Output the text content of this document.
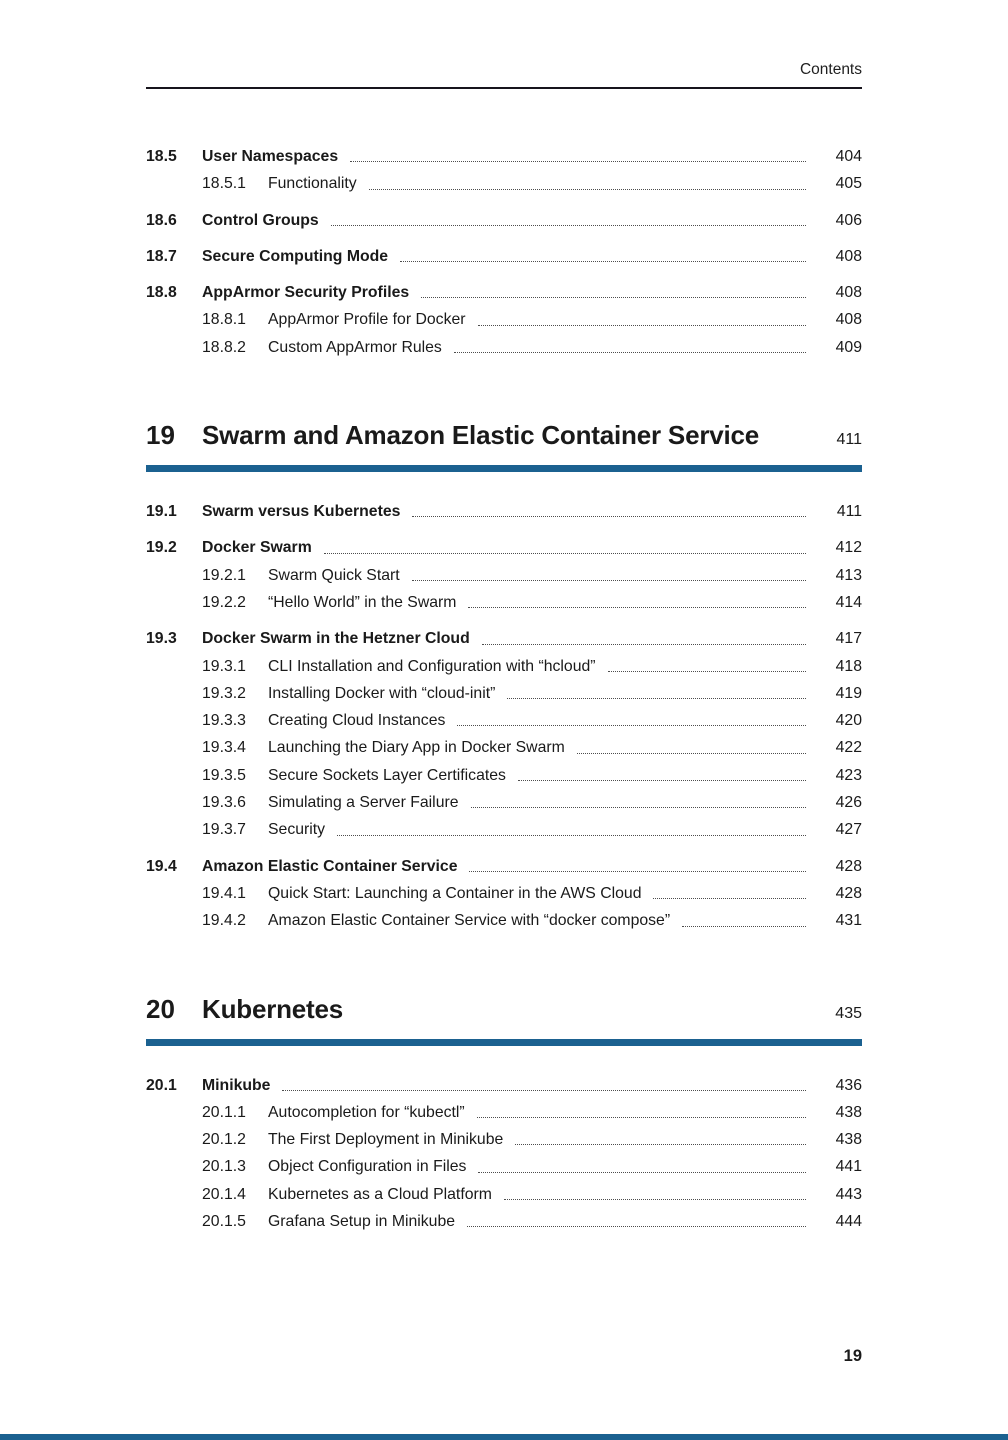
Contents
18.5	User Namespaces	404
18.5.1	Functionality	405
18.6	Control Groups	406
18.7	Secure Computing Mode	408
18.8	AppArmor Security Profiles	408
18.8.1	AppArmor Profile for Docker	408
18.8.2	Custom AppArmor Rules	409
19	Swarm and Amazon Elastic Container Service	411
19.1	Swarm versus Kubernetes	411
19.2	Docker Swarm	412
19.2.1	Swarm Quick Start	413
19.2.2	“Hello World” in the Swarm	414
19.3	Docker Swarm in the Hetzner Cloud	417
19.3.1	CLI Installation and Configuration with “hcloud”	418
19.3.2	Installing Docker with “cloud-init”	419
19.3.3	Creating Cloud Instances	420
19.3.4	Launching the Diary App in Docker Swarm	422
19.3.5	Secure Sockets Layer Certificates	423
19.3.6	Simulating a Server Failure	426
19.3.7	Security	427
19.4	Amazon Elastic Container Service	428
19.4.1	Quick Start: Launching a Container in the AWS Cloud	428
19.4.2	Amazon Elastic Container Service with “docker compose”	431
20	Kubernetes	435
20.1	Minikube	436
20.1.1	Autocompletion for “kubectl”	438
20.1.2	The First Deployment in Minikube	438
20.1.3	Object Configuration in Files	441
20.1.4	Kubernetes as a Cloud Platform	443
20.1.5	Grafana Setup in Minikube	444
19
